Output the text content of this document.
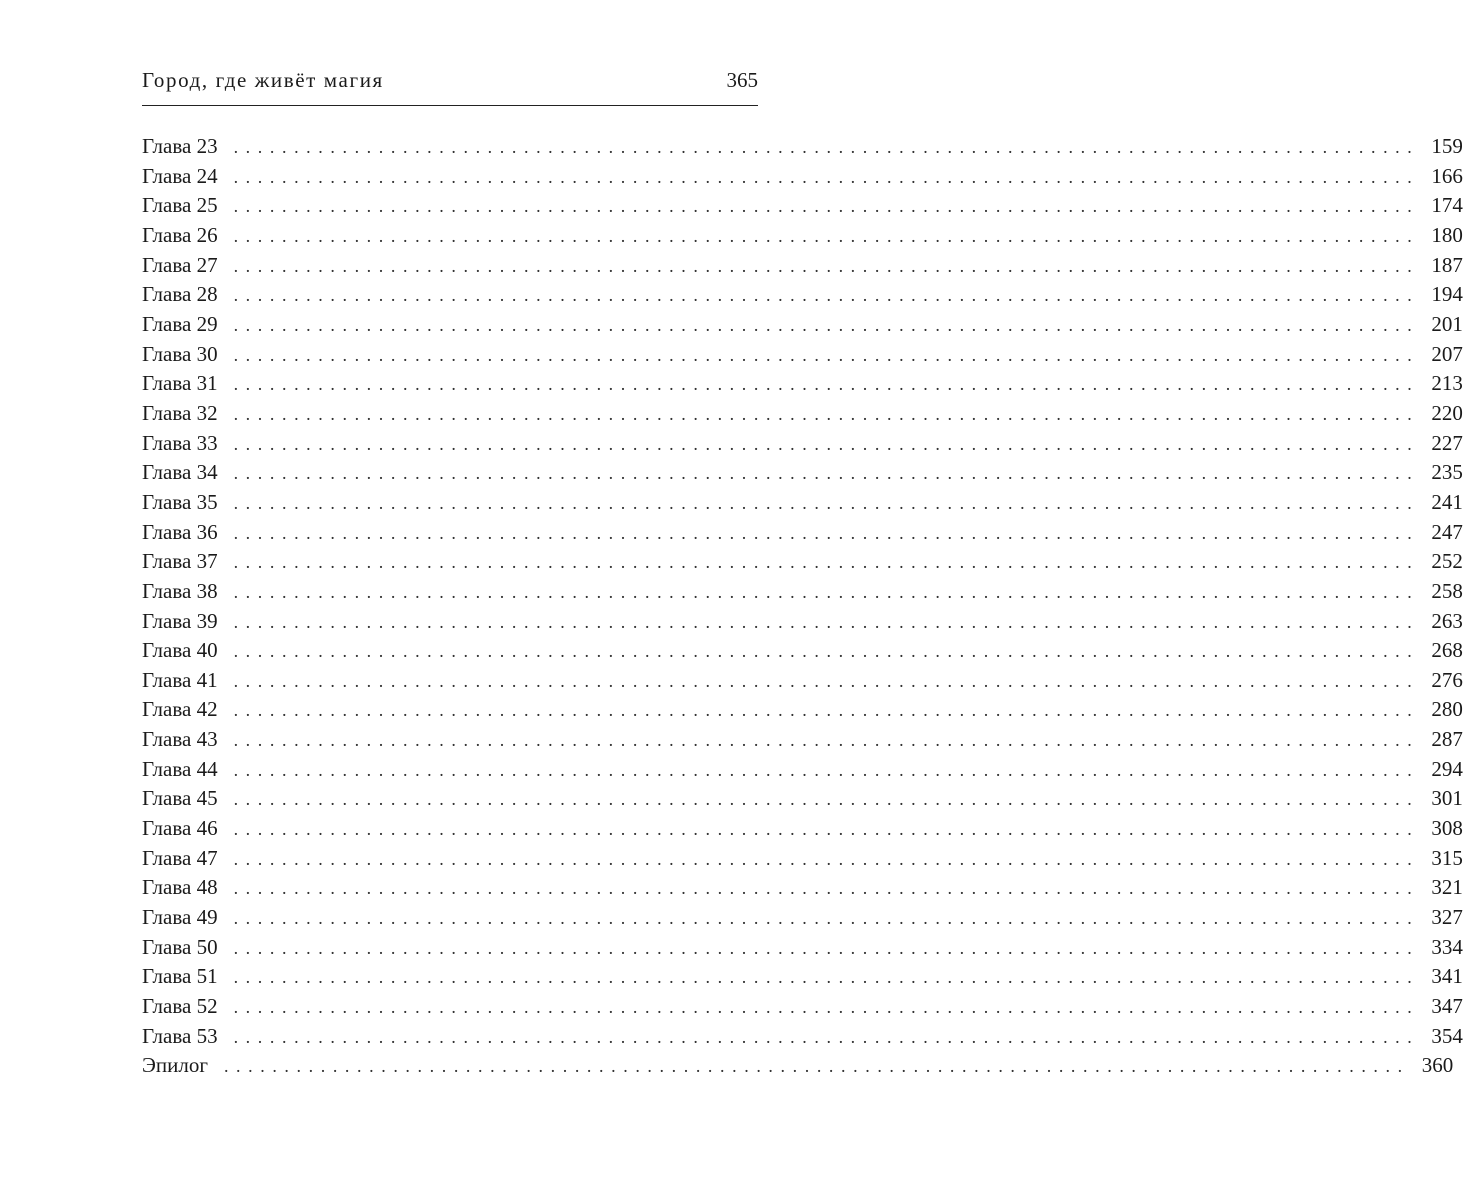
Город, где живёт магия	365
Глава 23 .................................................................................................. 159
Глава 24 .................................................................................................. 166
Глава 25 .................................................................................................. 174
Глава 26 .................................................................................................. 180
Глава 27 .................................................................................................. 187
Глава 28 .................................................................................................. 194
Глава 29 .................................................................................................. 201
Глава 30 .................................................................................................. 207
Глава 31 .................................................................................................. 213
Глава 32 .................................................................................................. 220
Глава 33 .................................................................................................. 227
Глава 34 .................................................................................................. 235
Глава 35 .................................................................................................. 241
Глава 36 .................................................................................................. 247
Глава 37 .................................................................................................. 252
Глава 38 .................................................................................................. 258
Глава 39 .................................................................................................. 263
Глава 40 .................................................................................................. 268
Глава 41 .................................................................................................. 276
Глава 42 .................................................................................................. 280
Глава 43 .................................................................................................. 287
Глава 44 .................................................................................................. 294
Глава 45 .................................................................................................. 301
Глава 46 .................................................................................................. 308
Глава 47 .................................................................................................. 315
Глава 48 .................................................................................................. 321
Глава 49 .................................................................................................. 327
Глава 50 .................................................................................................. 334
Глава 51 .................................................................................................. 341
Глава 52 .................................................................................................. 347
Глава 53 .................................................................................................. 354
Эпилог .................................................................................................. 360
